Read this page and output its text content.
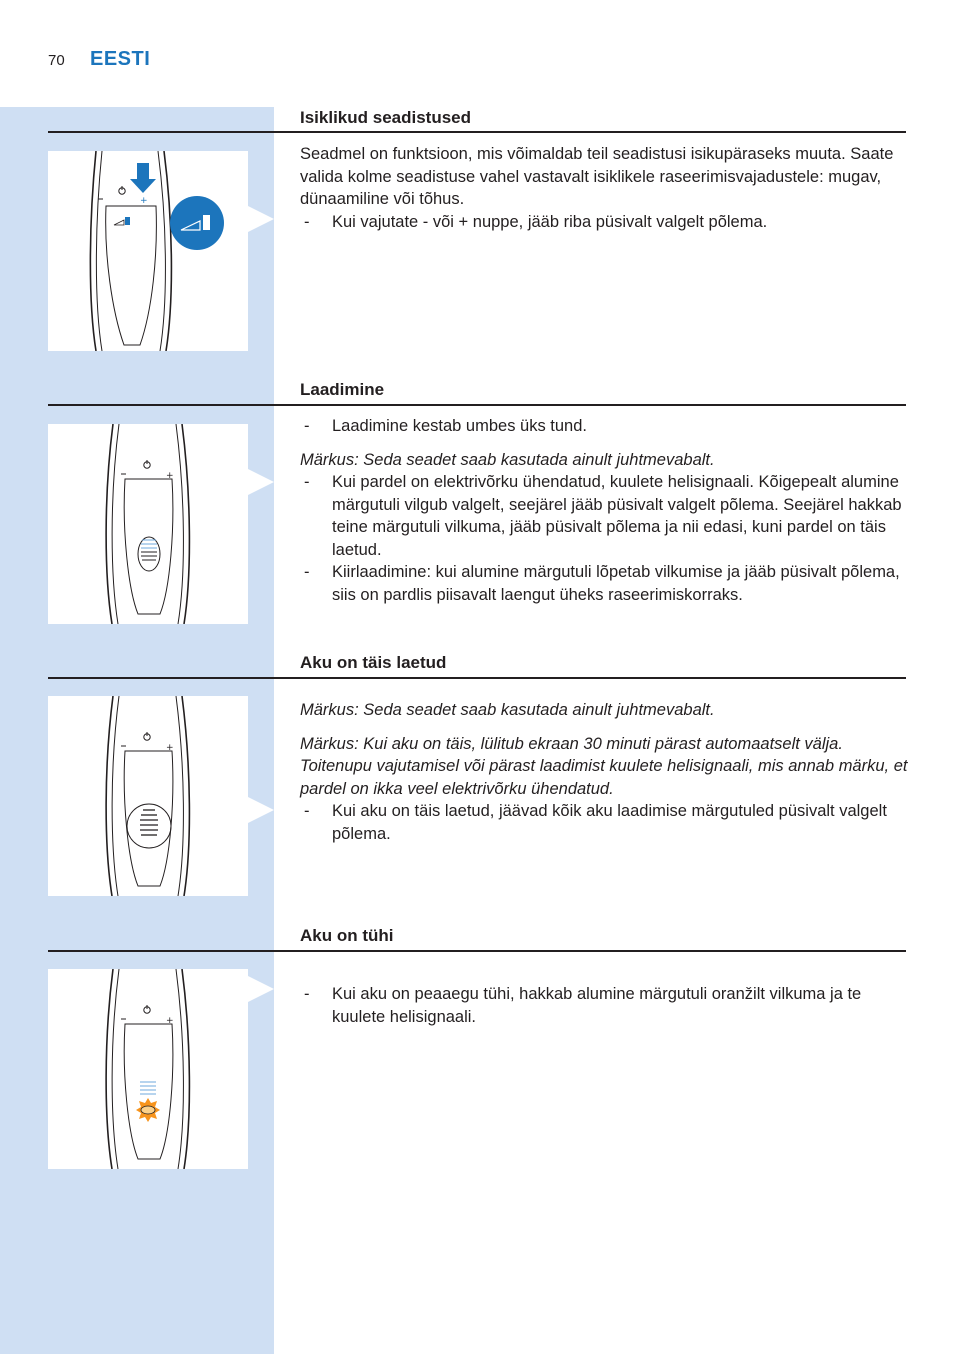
70 EESTI
Isiklikud seadistused
+

Seadmel on funktsioon, mis võimaldab teil seadistusi isikupäraseks muuta. Saate valida kolme seadistuse vahel vastavalt isiklikele raseerimisvajadustele: mugav, dünaamiline või tõhus.

- Kui vajutate - või + nuppe, jääb riba püsivalt valgelt põlema.
Laadimine
+
- Laadimine kestab umbes üks tund.

Märkus: Seda seadet saab kasutada ainult juhtmevabalt.

- Kui pardel on elektrivõrku ühendatud, kuulete helisignaali. Kõigepealt alumine märgutuli vilgub valgelt, seejärel jääb püsivalt valgelt põlema. Seejärel hakkab teine märgutuli vilkuma, jääb püsivalt põlema ja nii edasi, kuni pardel on täis laetud.
- Kiirlaadimine: kui alumine märgutuli lõpetab vilkumise ja jääb püsivalt põlema, siis on pardlis piisavalt laengut üheks raseerimiskorraks.
Aku on täis laetud
+

Märkus: Seda seadet saab kasutada ainult juhtmevabalt.

Märkus: Kui aku on täis, lülitub ekraan 30 minuti pärast automaatselt välja. Toitenupu vajutamisel või pärast laadimist kuulete helisignaali, mis annab märku, et pardel on ikka veel elektrivõrku ühendatud.

- Kui aku on täis laetud, jäävad kõik aku laadimise märgutuled püsivalt valgelt põlema.
Aku on tühi
+
- Kui aku on peaaegu tühi, hakkab alumine märgutuli oranžilt vilkuma ja te kuulete helisignaali.
